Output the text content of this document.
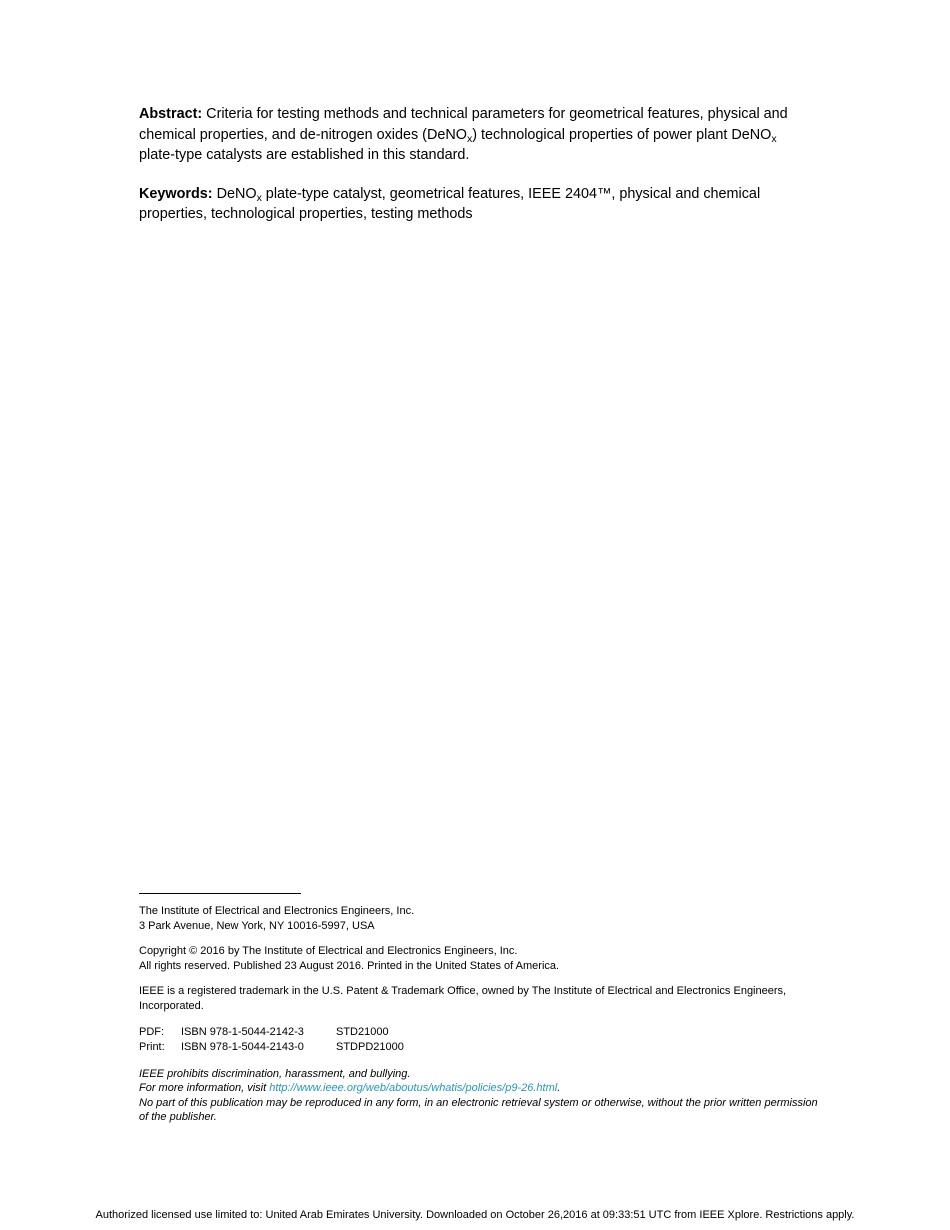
Abstract: Criteria for testing methods and technical parameters for geometrical features, physical and chemical properties, and de-nitrogen oxides (DeNO$_x$) technological properties of power plant DeNO$_x$ plate-type catalysts are established in this standard.

Keywords: DeNO$_x$ plate-type catalyst, geometrical features, IEEE 2404™, physical and chemical properties, technological properties, testing methods

The Institute of Electrical and Electronics Engineers, Inc.

3 Park Avenue, New York, NY 10016-5997, USA

Copyright © 2016 by The Institute of Electrical and Electronics Engineers, Inc.

All rights reserved. Published 23 August 2016. Printed in the United States of America.

IEEE is a registered trademark in the U.S. Patent & Trademark Office, owned by The Institute of Electrical and Electronics Engineers,

Incorporated.

PDF:	ISBN 978-1-5044-2142-3	STD21000
Print:	ISBN 978-1-5044-2143-0	STDPD21000

IEEE prohibits discrimination, harassment, and bullying.

For more information, visit http://www.ieee.org/web/aboutus/whatis/policies/p9-26.html.

No part of this publication may be reproduced in any form, in an electronic retrieval system or otherwise, without the prior written permission

of the publisher.

Authorized licensed use limited to: United Arab Emirates University. Downloaded on October 26,2016 at 09:33:51 UTC from IEEE Xplore. Restrictions apply.
